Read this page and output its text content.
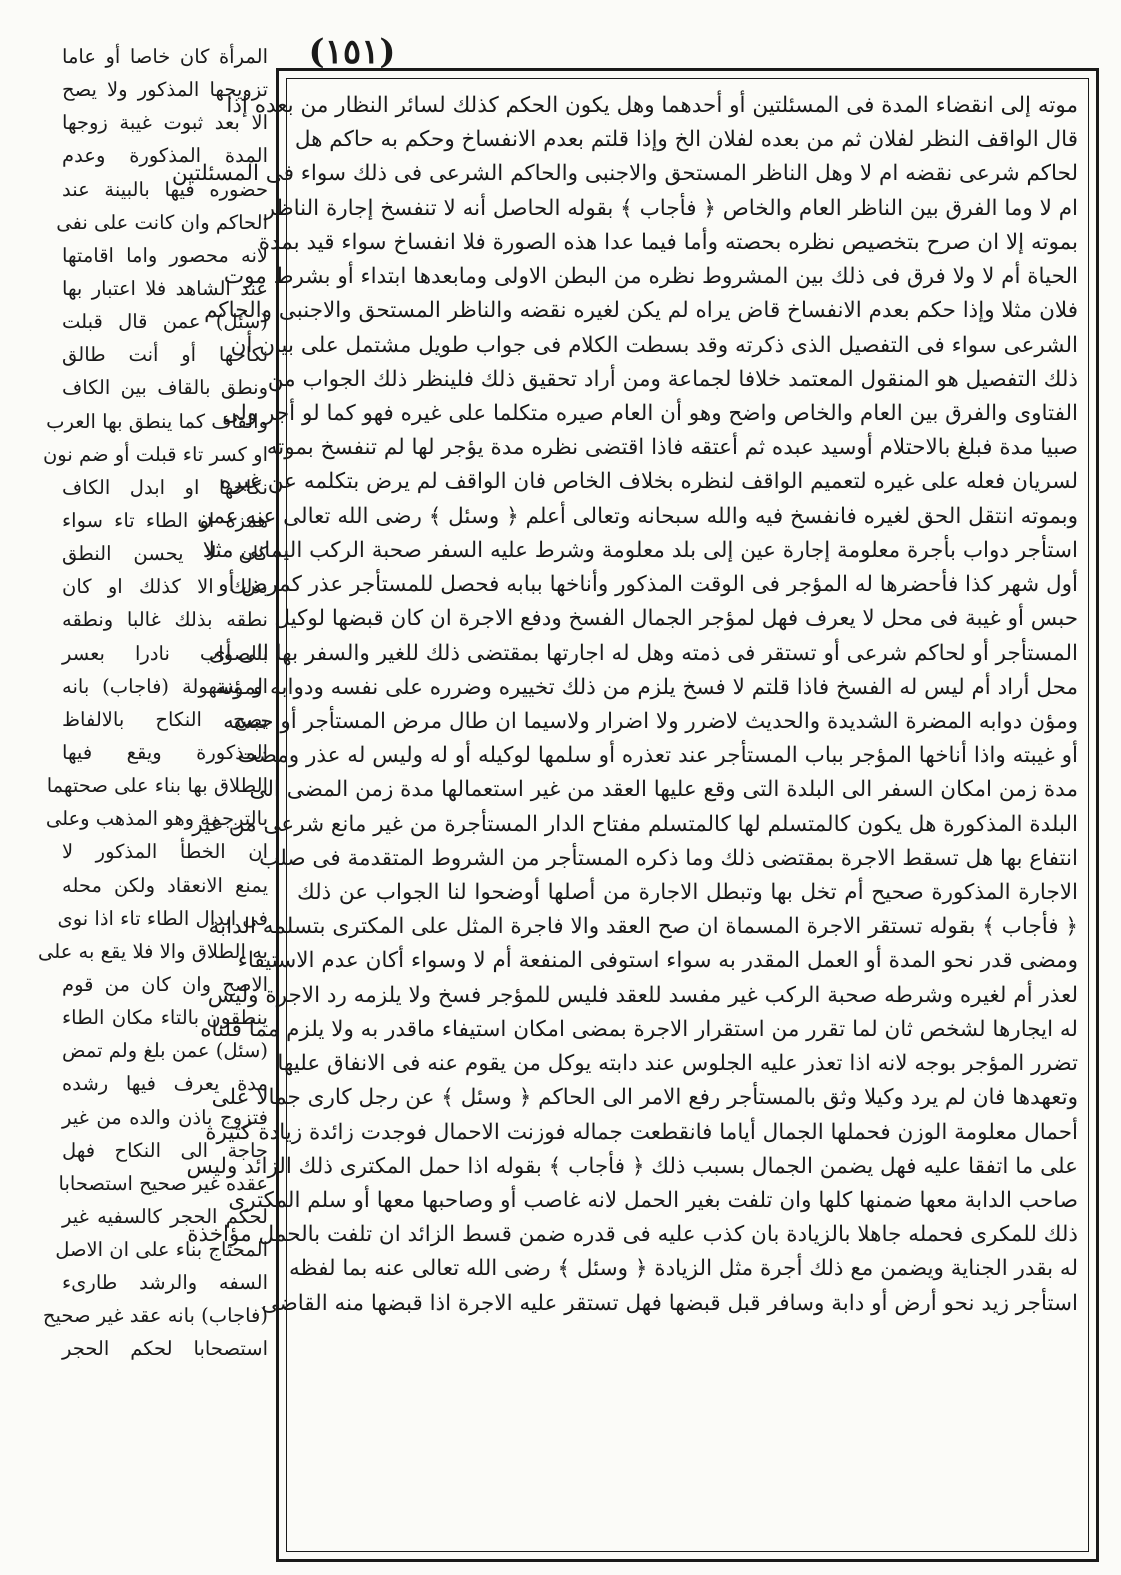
(١٥١)
المرأة كان خاصا أو عاما
تزويجها المذكور ولا يصح
الا بعد ثبوت غيبة زوجها
المدة المذكورة وعدم
حضوره فيها بالبينة عند
الحاكم وان كانت على نفى
لانه محصور واما اقامتها
عند الشاهد فلا اعتبار بها
(سئل) عمن قال قبلت
نكاحها أو أنت طالق
ونطق بالقاف بين الكاف
والقاف كما ينطق بها العرب
او كسر تاء قبلت أو ضم نون
نكاحها او ابدل الكاف
همزة او الطاء تاء سواء
كان لا يحسن النطق
بذلك الا كذلك او كان
نطقه بذلك غالبا ونطقه
بالصواب نادرا بعسر
او بسهولة (فاجاب) بانه
يصح النكاح بالالفاظ
المذكورة ويقع فيها
الطلاق بها بناء على صحتهما
بالترجمة وهو المذهب وعلى
ان الخطأ المذكور لا
يمنع الانعقاد ولكن محله
فى ابدال الطاء تاء اذا نوى
به الطلاق والا فلا يقع به على
الاصح وان كان من قوم
ينطقون بالتاء مكان الطاء
(سئل) عمن بلغ ولم تمض
مدة يعرف فيها رشده
فتزوج باذن والده من غير
حاجة الى النكاح فهل
عقده غير صحيح استصحابا
لحكم الحجر كالسفيه غير
المحتاج بناء على ان الاصل
السفه والرشد طارىء
(فاجاب) بانه عقد غير صحيح
استصحابا لحكم الحجر
موته إلى انقضاء المدة فى المسئلتين أو أحدهما وهل يكون الحكم كذلك لسائر النظار من بعده إذا
قال الواقف النظر لفلان ثم من بعده لفلان الخ وإذا قلتم بعدم الانفساخ وحكم به حاكم هل
لحاكم شرعى نقضه ام لا وهل الناظر المستحق والاجنبى والحاكم الشرعى فى ذلك سواء فى المسئلتين
ام لا وما الفرق بين الناظر العام والخاص ﴿ فأجاب ﴾ بقوله الحاصل أنه لا تنفسخ إجارة الناظر
بموته إلا ان صرح بتخصيص نظره بحصته وأما فيما عدا هذه الصورة فلا انفساخ سواء قيد بمدة
الحياة أم لا ولا فرق فى ذلك بين المشروط نظره من البطن الاولى ومابعدها ابتداء أو بشرط موت
فلان مثلا وإذا حكم بعدم الانفساخ قاض يراه لم يكن لغيره نقضه والناظر المستحق والاجنبى والحاكم
الشرعى سواء فى التفصيل الذى ذكرته وقد بسطت الكلام فى جواب طويل مشتمل على بيان أن
ذلك التفصيل هو المنقول المعتمد خلافا لجماعة ومن أراد تحقيق ذلك فلينظر ذلك الجواب من
الفتاوى والفرق بين العام والخاص واضح وهو أن العام صيره متكلما على غيره فهو كما لو أجر ولى
صبيا مدة فبلغ بالاحتلام أوسيد عبده ثم أعتقه فاذا اقتضى نظره مدة يؤجر لها لم تنفسخ بموته
لسريان فعله على غيره لتعميم الواقف لنظره بخلاف الخاص فان الواقف لم يرض بتكلمه عن غيره
وبموته انتقل الحق لغيره فانفسخ فيه والله سبحانه وتعالى أعلم ﴿ وسئل ﴾ رضى الله تعالى عنه عمن
استأجر دواب بأجرة معلومة إجارة عين إلى بلد معلومة وشرط عليه السفر صحبة الركب اليمانى مثلا
أول شهر كذا فأحضرها له المؤجر فى الوقت المذكور وأناخها ببابه فحصل للمستأجر عذر كمرض أو
حبس أو غيبة فى محل لا يعرف فهل لمؤجر الجمال الفسخ ودفع الاجرة ان كان قبضها لوكيل
المستأجر أو لحاكم شرعى أو تستقر فى ذمته وهل له اجارتها بمقتضى ذلك للغير والسفر بها الى أى
محل أراد أم ليس له الفسخ فاذا قلتم لا فسخ يلزم من ذلك تخييره وضرره على نفسه ودوابه لمؤنة
ومؤن دوابه المضرة الشديدة والحديث لاضرر ولا اضرار ولاسيما ان طال مرض المستأجر أو حبسه
أو غيبته واذا أناخها المؤجر بباب المستأجر عند تعذره أو سلمها لوكيله أو له وليس له عذر ومضت
مدة زمن امكان السفر الى البلدة التى وقع عليها العقد من غير استعمالها مدة زمن المضى الى
البلدة المذكورة هل يكون كالمتسلم لها كالمتسلم مفتاح الدار المستأجرة من غير مانع شرعى من غير
انتفاع بها هل تسقط الاجرة بمقتضى ذلك وما ذكره المستأجر من الشروط المتقدمة فى صلب
الاجارة المذكورة صحيح أم تخل بها وتبطل الاجارة من أصلها أوضحوا لنا الجواب عن ذلك
﴿ فأجاب ﴾ بقوله تستقر الاجرة المسماة ان صح العقد والا فاجرة المثل على المكترى بتسلمه الدابة
ومضى قدر نحو المدة أو العمل المقدر به سواء استوفى المنفعة أم لا وسواء أكان عدم الاستيفاء
لعذر أم لغيره وشرطه صحبة الركب غير مفسد للعقد فليس للمؤجر فسخ ولا يلزمه رد الاجرة وليس
له ايجارها لشخص ثان لما تقرر من استقرار الاجرة بمضى امكان استيفاء ماقدر به ولا يلزم مما قلناه
تضرر المؤجر بوجه لانه اذا تعذر عليه الجلوس عند دابته يوكل من يقوم عنه فى الانفاق عليها
وتعهدها فان لم يرد وكيلا وثق بالمستأجر رفع الامر الى الحاكم ﴿ وسئل ﴾ عن رجل كارى جمالا على
أحمال معلومة الوزن فحملها الجمال أياما فانقطعت جماله فوزنت الاحمال فوجدت زائدة زيادة كثيرة
على ما اتفقا عليه فهل يضمن الجمال بسبب ذلك ﴿ فأجاب ﴾ بقوله اذا حمل المكترى ذلك الزائد وليس
صاحب الدابة معها ضمنها كلها وان تلفت بغير الحمل لانه غاصب أو وصاحبها معها أو سلم المكترى
ذلك للمكرى فحمله جاهلا بالزيادة بان كذب عليه فى قدره ضمن قسط الزائد ان تلفت بالحمل مؤاخذة
له بقدر الجناية ويضمن مع ذلك أجرة مثل الزيادة ﴿ وسئل ﴾ رضى الله تعالى عنه بما لفظه
استأجر زيد نحو أرض أو دابة وسافر قبل قبضها فهل تستقر عليه الاجرة اذا قبضها منه القاضى
